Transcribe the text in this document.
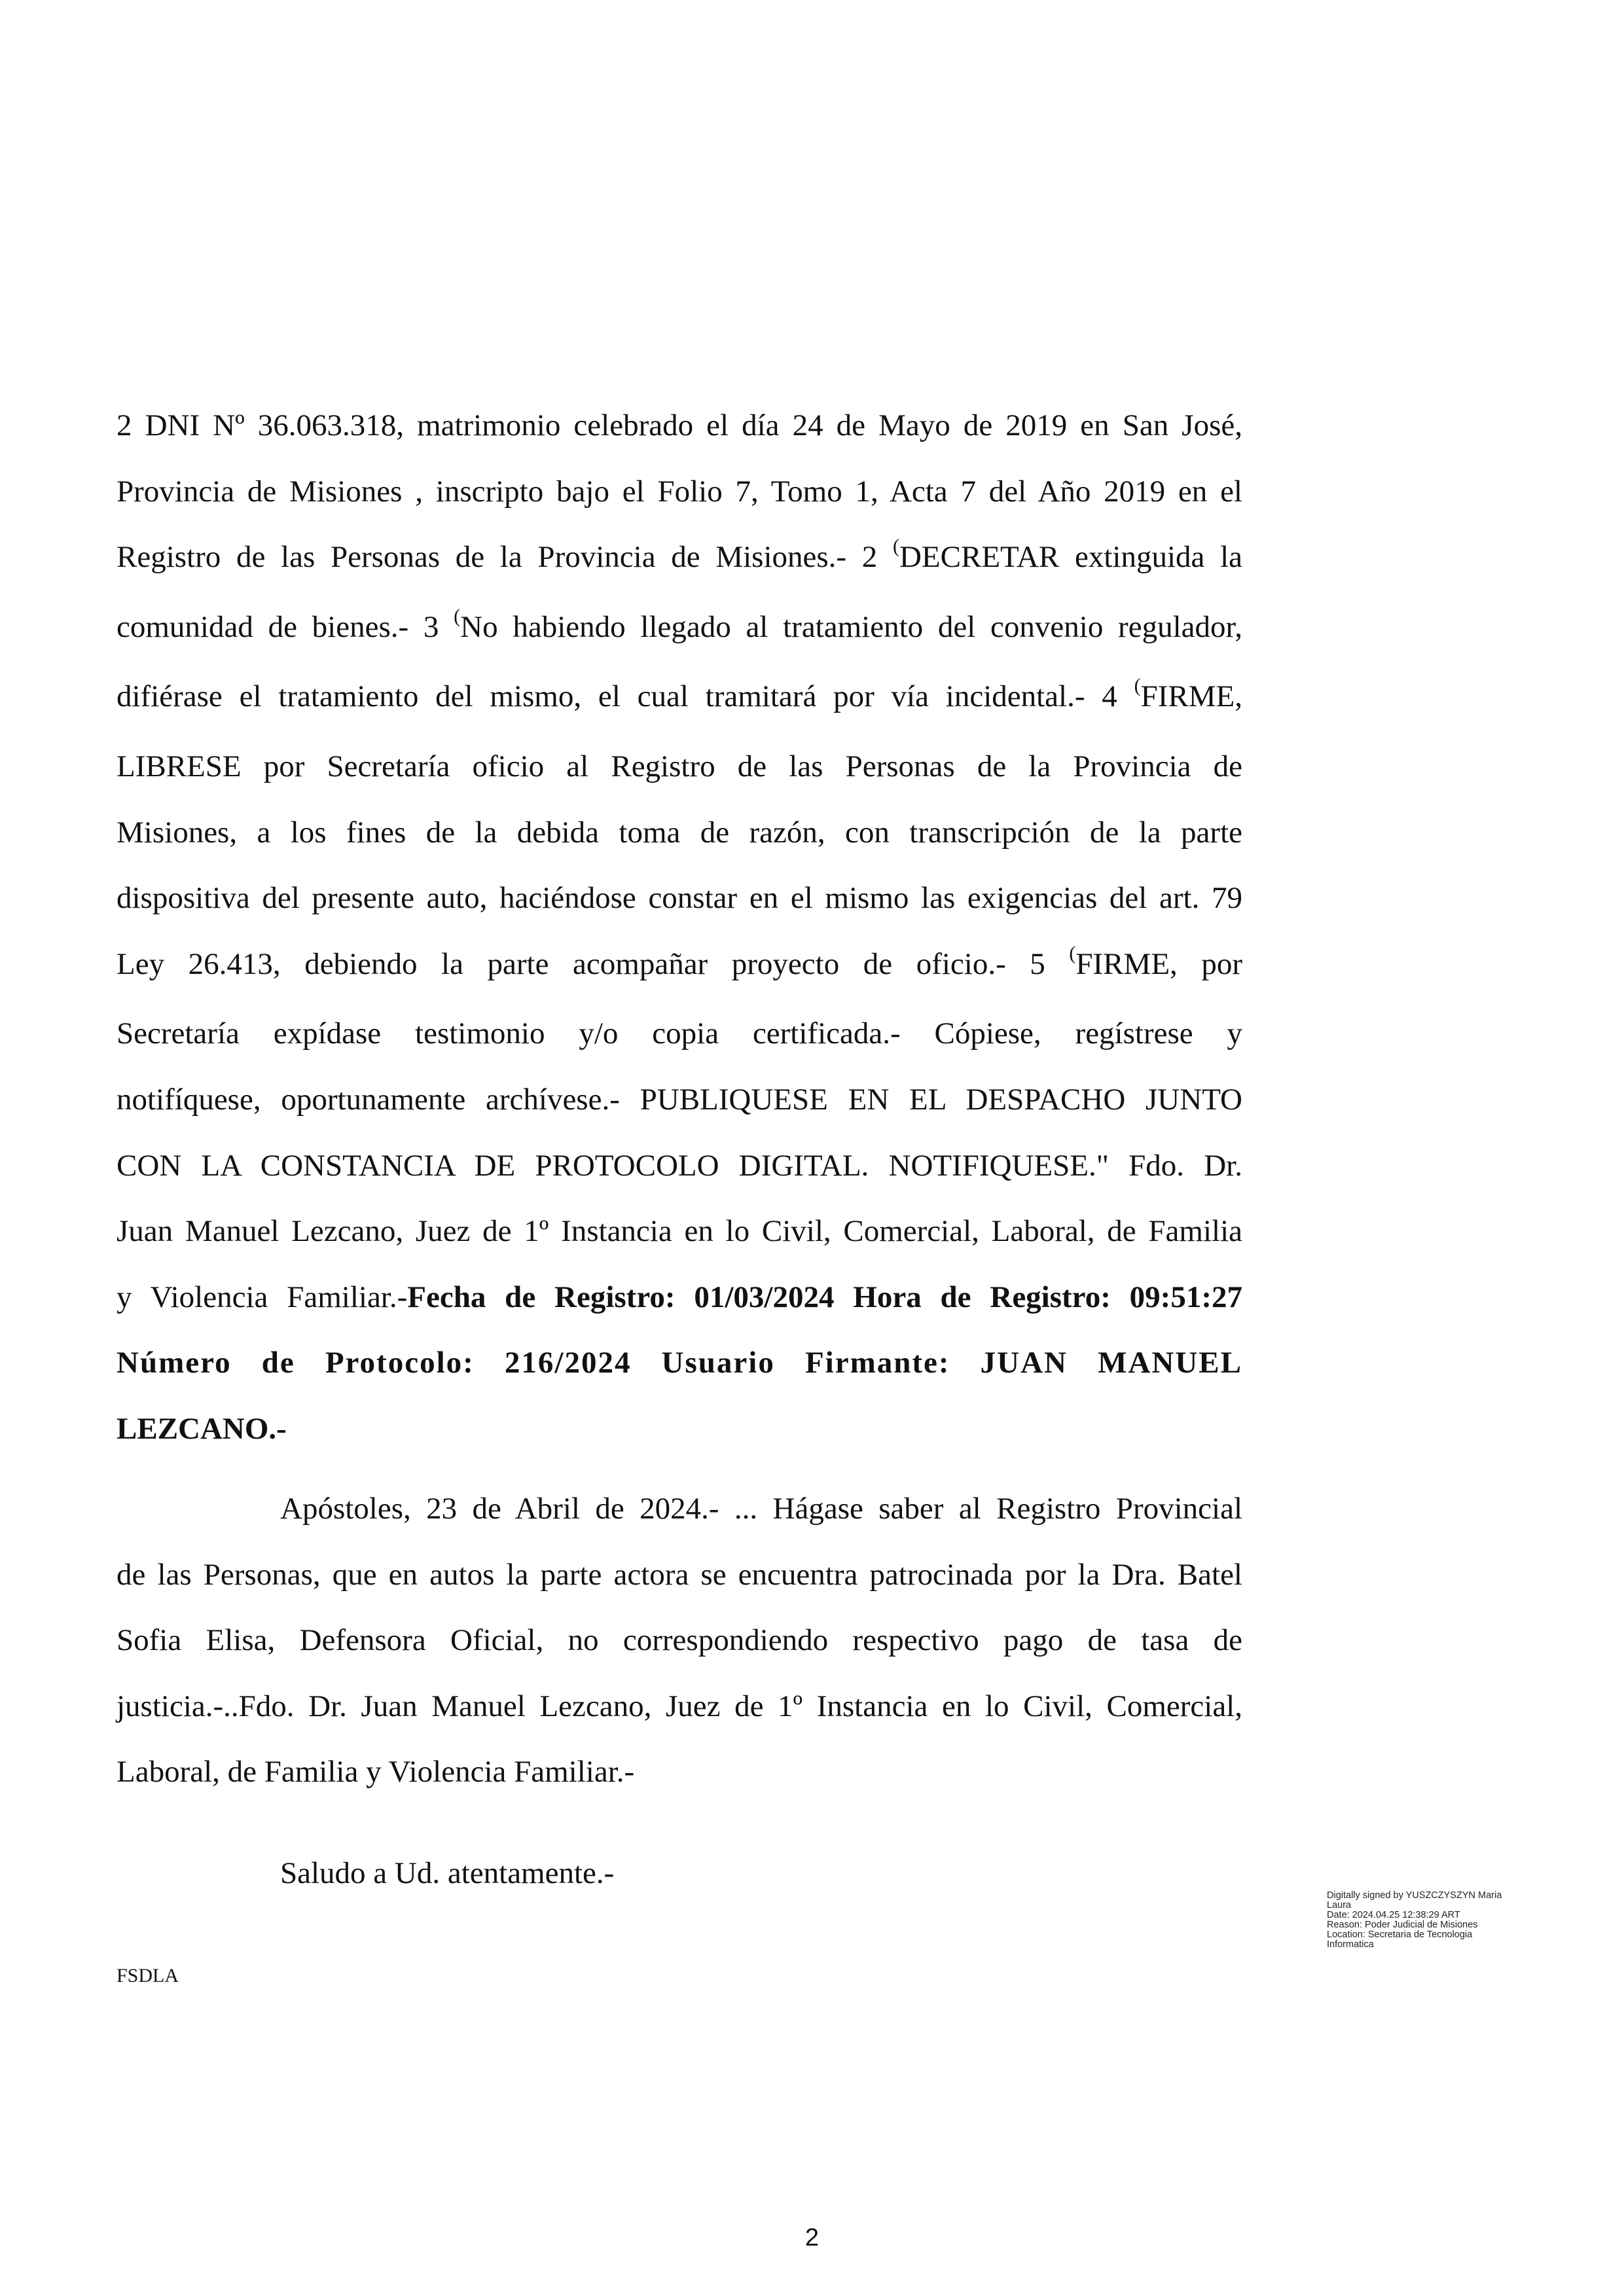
2 DNI Nº 36.063.318, matrimonio celebrado el día 24 de Mayo de 2019 en San José,
Provincia de Misiones , inscripto bajo el Folio 7, Tomo 1, Acta 7 del Año 2019 en el
Registro de las Personas de la Provincia de Misiones.- 2 (DECRETAR extinguida la
comunidad de bienes.- 3 (No habiendo llegado al tratamiento del convenio regulador,
difiérase el tratamiento del mismo, el cual tramitará por vía incidental.- 4 (FIRME,
LIBRESE por Secretaría oficio al Registro de las Personas de la Provincia de
Misiones, a los fines de la debida toma de razón, con transcripción de la parte
dispositiva del presente auto, haciéndose constar en el mismo las exigencias del art. 79
Ley 26.413, debiendo la parte acompañar proyecto de oficio.- 5 (FIRME, por
Secretaría expídase testimonio y/o copia certificada.- Cópiese, regístrese y
notifíquese, oportunamente archívese.- PUBLIQUESE EN EL DESPACHO JUNTO
CON LA CONSTANCIA DE PROTOCOLO DIGITAL. NOTIFIQUESE." Fdo. Dr.
Juan Manuel Lezcano, Juez de 1º Instancia en lo Civil, Comercial, Laboral, de Familia
y Violencia Familiar.-Fecha de Registro: 01/03/2024 Hora de Registro: 09:51:27
Número de Protocolo: 216/2024 Usuario Firmante: JUAN MANUEL
LEZCANO.-
Apóstoles, 23 de Abril de 2024.- ... Hágase saber al Registro Provincial
de las Personas, que en autos la parte actora se encuentra patrocinada por la Dra. Batel
Sofia Elisa, Defensora Oficial, no correspondiendo respectivo pago de tasa de
justicia.-..Fdo. Dr. Juan Manuel Lezcano, Juez de 1º Instancia en lo Civil, Comercial,
Laboral, de Familia y Violencia Familiar.-
Saludo a Ud. atentamente.-
FSDLA
Digitally signed by YUSZCZYSZYN Maria
Laura
Date: 2024.04.25 12:38:29 ART
Reason: Poder Judicial de Misiones
Location: Secretaria de Tecnologia
Informatica
2
